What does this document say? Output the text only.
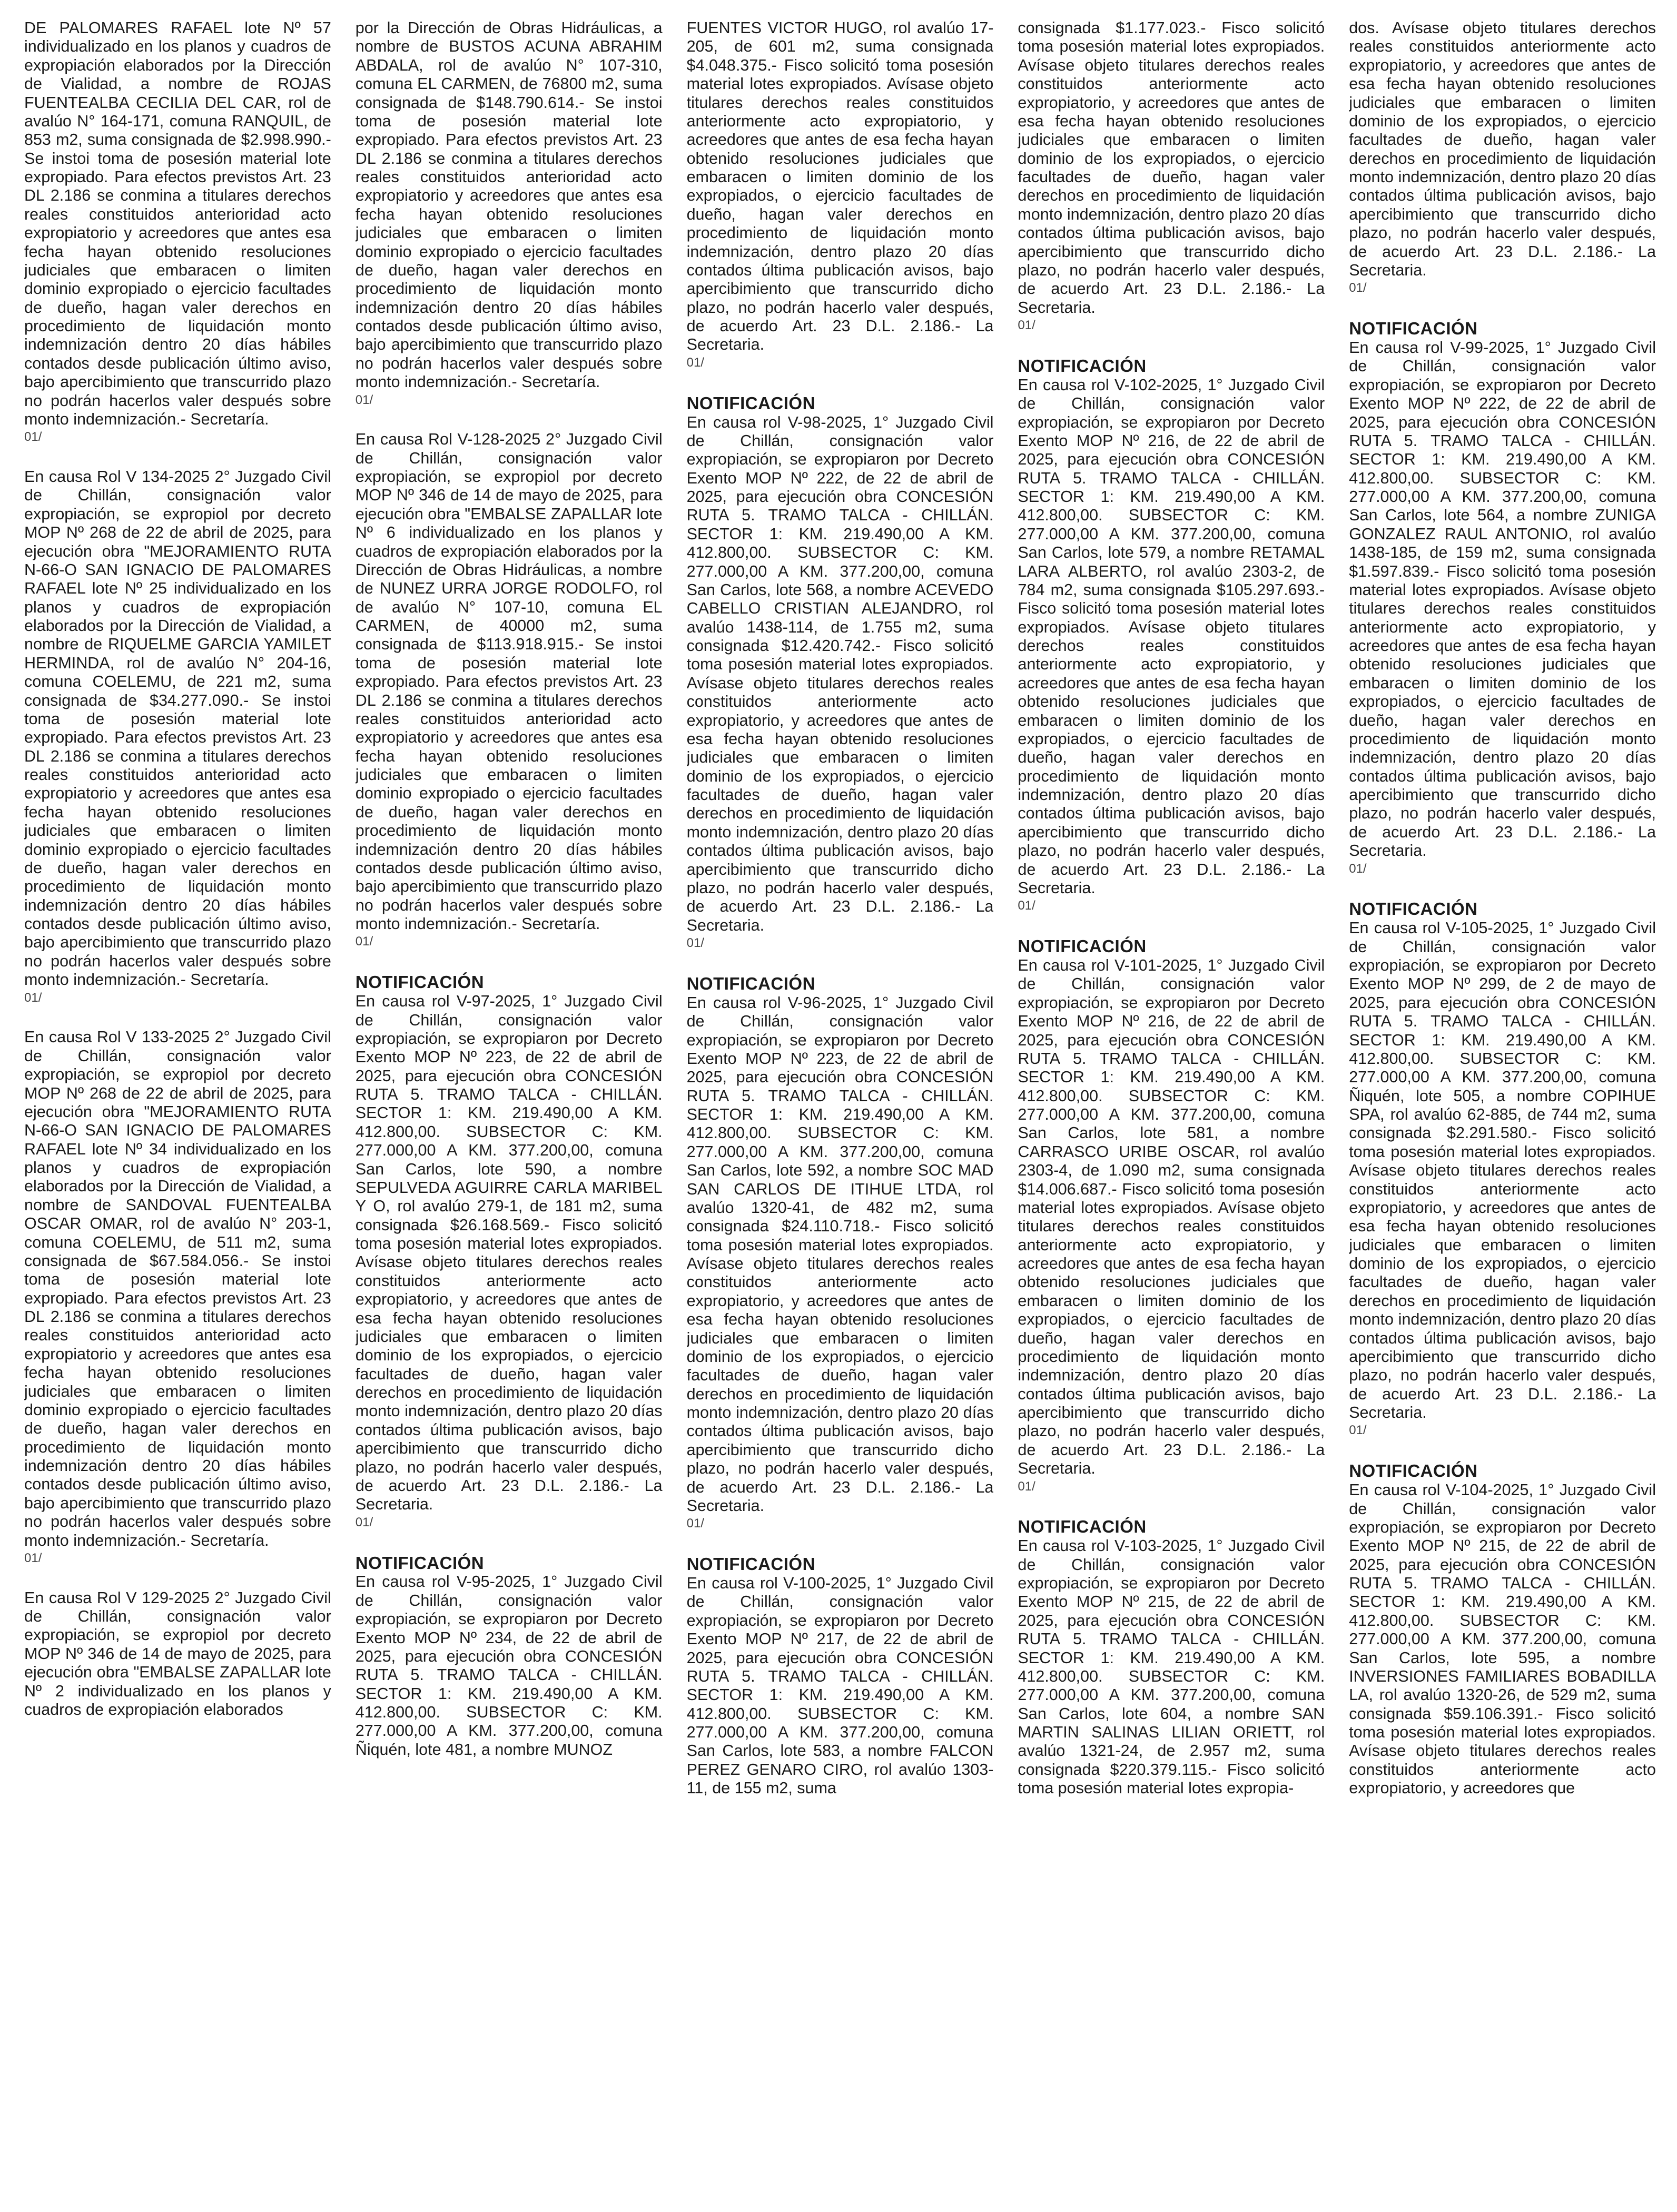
DE PALOMARES RAFAEL lote Nº 57 individualizado en los planos y cuadros de expropiación elaborados por la Dirección de Vialidad, a nombre de ROJAS FUENTEALBA CECILIA DEL CAR, rol de avalúo N° 164-171, comuna RANQUIL, de 853 m2, suma consignada de $2.998.990.- Se instoi toma de posesión material lote expropiado. Para efectos previstos Art. 23 DL 2.186 se conmina a titulares derechos reales constituidos anterioridad acto expropiatorio y acreedores que antes esa fecha hayan obtenido resoluciones judiciales que embaracen o limiten dominio expropiado o ejercicio facultades de dueño, hagan valer derechos en procedimiento de liquidación monto indemnización dentro 20 días hábiles contados desde publicación último aviso, bajo apercibimiento que transcurrido plazo no podrán hacerlos valer después sobre monto indemnización.- Secretaría.

01/

En causa Rol V 134-2025 2° Juzgado Civil de Chillán, consignación valor expropiación, se expropiol por decreto MOP Nº 268 de 22 de abril de 2025, para ejecución obra "MEJORAMIENTO RUTA N-66-O SAN IGNACIO DE PALOMARES RAFAEL lote Nº 25 individualizado en los planos y cuadros de expropiación elaborados por la Dirección de Vialidad, a nombre de RIQUELME GARCIA YAMILET HERMINDA, rol de avalúo N° 204-16, comuna COELEMU, de 221 m2, suma consignada de $34.277.090.- Se instoi toma de posesión material lote expropiado. Para efectos previstos Art. 23 DL 2.186 se conmina a titulares derechos reales constituidos anterioridad acto expropiatorio y acreedores que antes esa fecha hayan obtenido resoluciones judiciales que embaracen o limiten dominio expropiado o ejercicio facultades de dueño, hagan valer derechos en procedimiento de liquidación monto indemnización dentro 20 días hábiles contados desde publicación último aviso, bajo apercibimiento que transcurrido plazo no podrán hacerlos valer después sobre monto indemnización.- Secretaría.

01/

En causa Rol V 133-2025 2° Juzgado Civil de Chillán, consignación valor expropiación, se expropiol por decreto MOP Nº 268 de 22 de abril de 2025, para ejecución obra "MEJORAMIENTO RUTA N-66-O SAN IGNACIO DE PALOMARES RAFAEL lote Nº 34 individualizado en los planos y cuadros de expropiación elaborados por la Dirección de Vialidad, a nombre de SANDOVAL FUENTEALBA OSCAR OMAR, rol de avalúo N° 203-1, comuna COELEMU, de 511 m2, suma consignada de $67.584.056.- Se instoi toma de posesión material lote expropiado. Para efectos previstos Art. 23 DL 2.186 se conmina a titulares derechos reales constituidos anterioridad acto expropiatorio y acreedores que antes esa fecha hayan obtenido resoluciones judiciales que embaracen o limiten dominio expropiado o ejercicio facultades de dueño, hagan valer derechos en procedimiento de liquidación monto indemnización dentro 20 días hábiles contados desde publicación último aviso, bajo apercibimiento que transcurrido plazo no podrán hacerlos valer después sobre monto indemnización.- Secretaría.

01/

En causa Rol V 129-2025 2° Juzgado Civil de Chillán, consignación valor expropiación, se expropiol por decreto MOP Nº 346 de 14 de mayo de 2025, para ejecución obra "EMBALSE ZAPALLAR lote Nº 2 individualizado en los planos y cuadros de expropiación elaborados

por la Dirección de Obras Hidráulicas, a nombre de BUSTOS ACUNA ABRAHIM ABDALA, rol de avalúo N° 107-310, comuna EL CARMEN, de 76800 m2, suma consignada de $148.790.614.- Se instoi toma de posesión material lote expropiado. Para efectos previstos Art. 23 DL 2.186 se conmina a titulares derechos reales constituidos anterioridad acto expropiatorio y acreedores que antes esa fecha hayan obtenido resoluciones judiciales que embaracen o limiten dominio expropiado o ejercicio facultades de dueño, hagan valer derechos en procedimiento de liquidación monto indemnización dentro 20 días hábiles contados desde publicación último aviso, bajo apercibimiento que transcurrido plazo no podrán hacerlos valer después sobre monto indemnización.- Secretaría.

01/

En causa Rol V-128-2025 2° Juzgado Civil de Chillán, consignación valor expropiación, se expropiol por decreto MOP Nº 346 de 14 de mayo de 2025, para ejecución obra "EMBALSE ZAPALLAR lote Nº 6 individualizado en los planos y cuadros de expropiación elaborados por la Dirección de Obras Hidráulicas, a nombre de NUNEZ URRA JORGE RODOLFO, rol de avalúo N° 107-10, comuna EL CARMEN, de 40000 m2, suma consignada de $113.918.915.- Se instoi toma de posesión material lote expropiado. Para efectos previstos Art. 23 DL 2.186 se conmina a titulares derechos reales constituidos anterioridad acto expropiatorio y acreedores que antes esa fecha hayan obtenido resoluciones judiciales que embaracen o limiten dominio expropiado o ejercicio facultades de dueño, hagan valer derechos en procedimiento de liquidación monto indemnización dentro 20 días hábiles contados desde publicación último aviso, bajo apercibimiento que transcurrido plazo no podrán hacerlos valer después sobre monto indemnización.- Secretaría.

01/
NOTIFICACIÓN

En causa rol V-97-2025, 1° Juzgado Civil de Chillán, consignación valor expropiación, se expropiaron por Decreto Exento MOP Nº 223, de 22 de abril de 2025, para ejecución obra CONCESIÓN RUTA 5. TRAMO TALCA - CHILLÁN. SECTOR 1: KM. 219.490,00 A KM. 412.800,00. SUBSECTOR C: KM. 277.000,00 A KM. 377.200,00, comuna San Carlos, lote 590, a nombre SEPULVEDA AGUIRRE CARLA MARIBEL Y O, rol avalúo 279-1, de 181 m2, suma consignada $26.168.569.- Fisco solicitó toma posesión material lotes expropiados. Avísase objeto titulares derechos reales constituidos anteriormente acto expropiatorio, y acreedores que antes de esa fecha hayan obtenido resoluciones judiciales que embaracen o limiten dominio de los expropiados, o ejercicio facultades de dueño, hagan valer derechos en procedimiento de liquidación monto indemnización, dentro plazo 20 días contados última publicación avisos, bajo apercibimiento que transcurrido dicho plazo, no podrán hacerlo valer después, de acuerdo Art. 23 D.L. 2.186.- La Secretaria.

01/
NOTIFICACIÓN

En causa rol V-95-2025, 1° Juzgado Civil de Chillán, consignación valor expropiación, se expropiaron por Decreto Exento MOP Nº 234, de 22 de abril de 2025, para ejecución obra CONCESIÓN RUTA 5. TRAMO TALCA - CHILLÁN. SECTOR 1: KM. 219.490,00 A KM. 412.800,00. SUBSECTOR C: KM. 277.000,00 A KM. 377.200,00, comuna Ñiquén, lote 481, a nombre MUNOZ

FUENTES VICTOR HUGO, rol avalúo 17-205, de 601 m2, suma consignada $4.048.375.- Fisco solicitó toma posesión material lotes expropiados. Avísase objeto titulares derechos reales constituidos anteriormente acto expropiatorio, y acreedores que antes de esa fecha hayan obtenido resoluciones judiciales que embaracen o limiten dominio de los expropiados, o ejercicio facultades de dueño, hagan valer derechos en procedimiento de liquidación monto indemnización, dentro plazo 20 días contados última publicación avisos, bajo apercibimiento que transcurrido dicho plazo, no podrán hacerlo valer después, de acuerdo Art. 23 D.L. 2.186.- La Secretaria.

01/
NOTIFICACIÓN

En causa rol V-98-2025, 1° Juzgado Civil de Chillán, consignación valor expropiación, se expropiaron por Decreto Exento MOP Nº 222, de 22 de abril de 2025, para ejecución obra CONCESIÓN RUTA 5. TRAMO TALCA - CHILLÁN. SECTOR 1: KM. 219.490,00 A KM. 412.800,00. SUBSECTOR C: KM. 277.000,00 A KM. 377.200,00, comuna San Carlos, lote 568, a nombre ACEVEDO CABELLO CRISTIAN ALEJANDRO, rol avalúo 1438-114, de 1.755 m2, suma consignada $12.420.742.- Fisco solicitó toma posesión material lotes expropiados. Avísase objeto titulares derechos reales constituidos anteriormente acto expropiatorio, y acreedores que antes de esa fecha hayan obtenido resoluciones judiciales que embaracen o limiten dominio de los expropiados, o ejercicio facultades de dueño, hagan valer derechos en procedimiento de liquidación monto indemnización, dentro plazo 20 días contados última publicación avisos, bajo apercibimiento que transcurrido dicho plazo, no podrán hacerlo valer después, de acuerdo Art. 23 D.L. 2.186.- La Secretaria.

01/
NOTIFICACIÓN

En causa rol V-96-2025, 1° Juzgado Civil de Chillán, consignación valor expropiación, se expropiaron por Decreto Exento MOP Nº 223, de 22 de abril de 2025, para ejecución obra CONCESIÓN RUTA 5. TRAMO TALCA - CHILLÁN. SECTOR 1: KM. 219.490,00 A KM. 412.800,00. SUBSECTOR C: KM. 277.000,00 A KM. 377.200,00, comuna San Carlos, lote 592, a nombre SOC MAD SAN CARLOS DE ITIHUE LTDA, rol avalúo 1320-41, de 482 m2, suma consignada $24.110.718.- Fisco solicitó toma posesión material lotes expropiados. Avísase objeto titulares derechos reales constituidos anteriormente acto expropiatorio, y acreedores que antes de esa fecha hayan obtenido resoluciones judiciales que embaracen o limiten dominio de los expropiados, o ejercicio facultades de dueño, hagan valer derechos en procedimiento de liquidación monto indemnización, dentro plazo 20 días contados última publicación avisos, bajo apercibimiento que transcurrido dicho plazo, no podrán hacerlo valer después, de acuerdo Art. 23 D.L. 2.186.- La Secretaria.

01/
NOTIFICACIÓN

En causa rol V-100-2025, 1° Juzgado Civil de Chillán, consignación valor expropiación, se expropiaron por Decreto Exento MOP Nº 217, de 22 de abril de 2025, para ejecución obra CONCESIÓN RUTA 5. TRAMO TALCA - CHILLÁN. SECTOR 1: KM. 219.490,00 A KM. 412.800,00. SUBSECTOR C: KM. 277.000,00 A KM. 377.200,00, comuna San Carlos, lote 583, a nombre FALCON PEREZ GENARO CIRO, rol avalúo 1303-11, de 155 m2, suma

consignada $1.177.023.- Fisco solicitó toma posesión material lotes expropiados. Avísase objeto titulares derechos reales constituidos anteriormente acto expropiatorio, y acreedores que antes de esa fecha hayan obtenido resoluciones judiciales que embaracen o limiten dominio de los expropiados, o ejercicio facultades de dueño, hagan valer derechos en procedimiento de liquidación monto indemnización, dentro plazo 20 días contados última publicación avisos, bajo apercibimiento que transcurrido dicho plazo, no podrán hacerlo valer después, de acuerdo Art. 23 D.L. 2.186.- La Secretaria.

01/
NOTIFICACIÓN

En causa rol V-102-2025, 1° Juzgado Civil de Chillán, consignación valor expropiación, se expropiaron por Decreto Exento MOP Nº 216, de 22 de abril de 2025, para ejecución obra CONCESIÓN RUTA 5. TRAMO TALCA - CHILLÁN. SECTOR 1: KM. 219.490,00 A KM. 412.800,00. SUBSECTOR C: KM. 277.000,00 A KM. 377.200,00, comuna San Carlos, lote 579, a nombre RETAMAL LARA ALBERTO, rol avalúo 2303-2, de 784 m2, suma consignada $105.297.693.- Fisco solicitó toma posesión material lotes expropiados. Avísase objeto titulares derechos reales constituidos anteriormente acto expropiatorio, y acreedores que antes de esa fecha hayan obtenido resoluciones judiciales que embaracen o limiten dominio de los expropiados, o ejercicio facultades de dueño, hagan valer derechos en procedimiento de liquidación monto indemnización, dentro plazo 20 días contados última publicación avisos, bajo apercibimiento que transcurrido dicho plazo, no podrán hacerlo valer después, de acuerdo Art. 23 D.L. 2.186.- La Secretaria.

01/
NOTIFICACIÓN

En causa rol V-101-2025, 1° Juzgado Civil de Chillán, consignación valor expropiación, se expropiaron por Decreto Exento MOP Nº 216, de 22 de abril de 2025, para ejecución obra CONCESIÓN RUTA 5. TRAMO TALCA - CHILLÁN. SECTOR 1: KM. 219.490,00 A KM. 412.800,00. SUBSECTOR C: KM. 277.000,00 A KM. 377.200,00, comuna San Carlos, lote 581, a nombre CARRASCO URIBE OSCAR, rol avalúo 2303-4, de 1.090 m2, suma consignada $14.006.687.- Fisco solicitó toma posesión material lotes expropiados. Avísase objeto titulares derechos reales constituidos anteriormente acto expropiatorio, y acreedores que antes de esa fecha hayan obtenido resoluciones judiciales que embaracen o limiten dominio de los expropiados, o ejercicio facultades de dueño, hagan valer derechos en procedimiento de liquidación monto indemnización, dentro plazo 20 días contados última publicación avisos, bajo apercibimiento que transcurrido dicho plazo, no podrán hacerlo valer después, de acuerdo Art. 23 D.L. 2.186.- La Secretaria.

01/
NOTIFICACIÓN

En causa rol V-103-2025, 1° Juzgado Civil de Chillán, consignación valor expropiación, se expropiaron por Decreto Exento MOP Nº 215, de 22 de abril de 2025, para ejecución obra CONCESIÓN RUTA 5. TRAMO TALCA - CHILLÁN. SECTOR 1: KM. 219.490,00 A KM. 412.800,00. SUBSECTOR C: KM. 277.000,00 A KM. 377.200,00, comuna San Carlos, lote 604, a nombre SAN MARTIN SALINAS LILIAN ORIETT, rol avalúo 1321-24, de 2.957 m2, suma consignada $220.379.115.- Fisco solicitó toma posesión material lotes expropia-

dos. Avísase objeto titulares derechos reales constituidos anteriormente acto expropiatorio, y acreedores que antes de esa fecha hayan obtenido resoluciones judiciales que embaracen o limiten dominio de los expropiados, o ejercicio facultades de dueño, hagan valer derechos en procedimiento de liquidación monto indemnización, dentro plazo 20 días contados última publicación avisos, bajo apercibimiento que transcurrido dicho plazo, no podrán hacerlo valer después, de acuerdo Art. 23 D.L. 2.186.- La Secretaria.

01/
NOTIFICACIÓN

En causa rol V-99-2025, 1° Juzgado Civil de Chillán, consignación valor expropiación, se expropiaron por Decreto Exento MOP Nº 222, de 22 de abril de 2025, para ejecución obra CONCESIÓN RUTA 5. TRAMO TALCA - CHILLÁN. SECTOR 1: KM. 219.490,00 A KM. 412.800,00. SUBSECTOR C: KM. 277.000,00 A KM. 377.200,00, comuna San Carlos, lote 564, a nombre ZUNIGA GONZALEZ RAUL ANTONIO, rol avalúo 1438-185, de 159 m2, suma consignada $1.597.839.- Fisco solicitó toma posesión material lotes expropiados. Avísase objeto titulares derechos reales constituidos anteriormente acto expropiatorio, y acreedores que antes de esa fecha hayan obtenido resoluciones judiciales que embaracen o limiten dominio de los expropiados, o ejercicio facultades de dueño, hagan valer derechos en procedimiento de liquidación monto indemnización, dentro plazo 20 días contados última publicación avisos, bajo apercibimiento que transcurrido dicho plazo, no podrán hacerlo valer después, de acuerdo Art. 23 D.L. 2.186.- La Secretaria.

01/
NOTIFICACIÓN

En causa rol V-105-2025, 1° Juzgado Civil de Chillán, consignación valor expropiación, se expropiaron por Decreto Exento MOP Nº 299, de 2 de mayo de 2025, para ejecución obra CONCESIÓN RUTA 5. TRAMO TALCA - CHILLÁN. SECTOR 1: KM. 219.490,00 A KM. 412.800,00. SUBSECTOR C: KM. 277.000,00 A KM. 377.200,00, comuna Ñiquén, lote 505, a nombre COPIHUE SPA, rol avalúo 62-885, de 744 m2, suma consignada $2.291.580.- Fisco solicitó toma posesión material lotes expropiados. Avísase objeto titulares derechos reales constituidos anteriormente acto expropiatorio, y acreedores que antes de esa fecha hayan obtenido resoluciones judiciales que embaracen o limiten dominio de los expropiados, o ejercicio facultades de dueño, hagan valer derechos en procedimiento de liquidación monto indemnización, dentro plazo 20 días contados última publicación avisos, bajo apercibimiento que transcurrido dicho plazo, no podrán hacerlo valer después, de acuerdo Art. 23 D.L. 2.186.- La Secretaria.

01/
NOTIFICACIÓN

En causa rol V-104-2025, 1° Juzgado Civil de Chillán, consignación valor expropiación, se expropiaron por Decreto Exento MOP Nº 215, de 22 de abril de 2025, para ejecución obra CONCESIÓN RUTA 5. TRAMO TALCA - CHILLÁN. SECTOR 1: KM. 219.490,00 A KM. 412.800,00. SUBSECTOR C: KM. 277.000,00 A KM. 377.200,00, comuna San Carlos, lote 595, a nombre INVERSIONES FAMILIARES BOBADILLA LA, rol avalúo 1320-26, de 529 m2, suma consignada $59.106.391.- Fisco solicitó toma posesión material lotes expropiados. Avísase objeto titulares derechos reales constituidos anteriormente acto expropiatorio, y acreedores que
